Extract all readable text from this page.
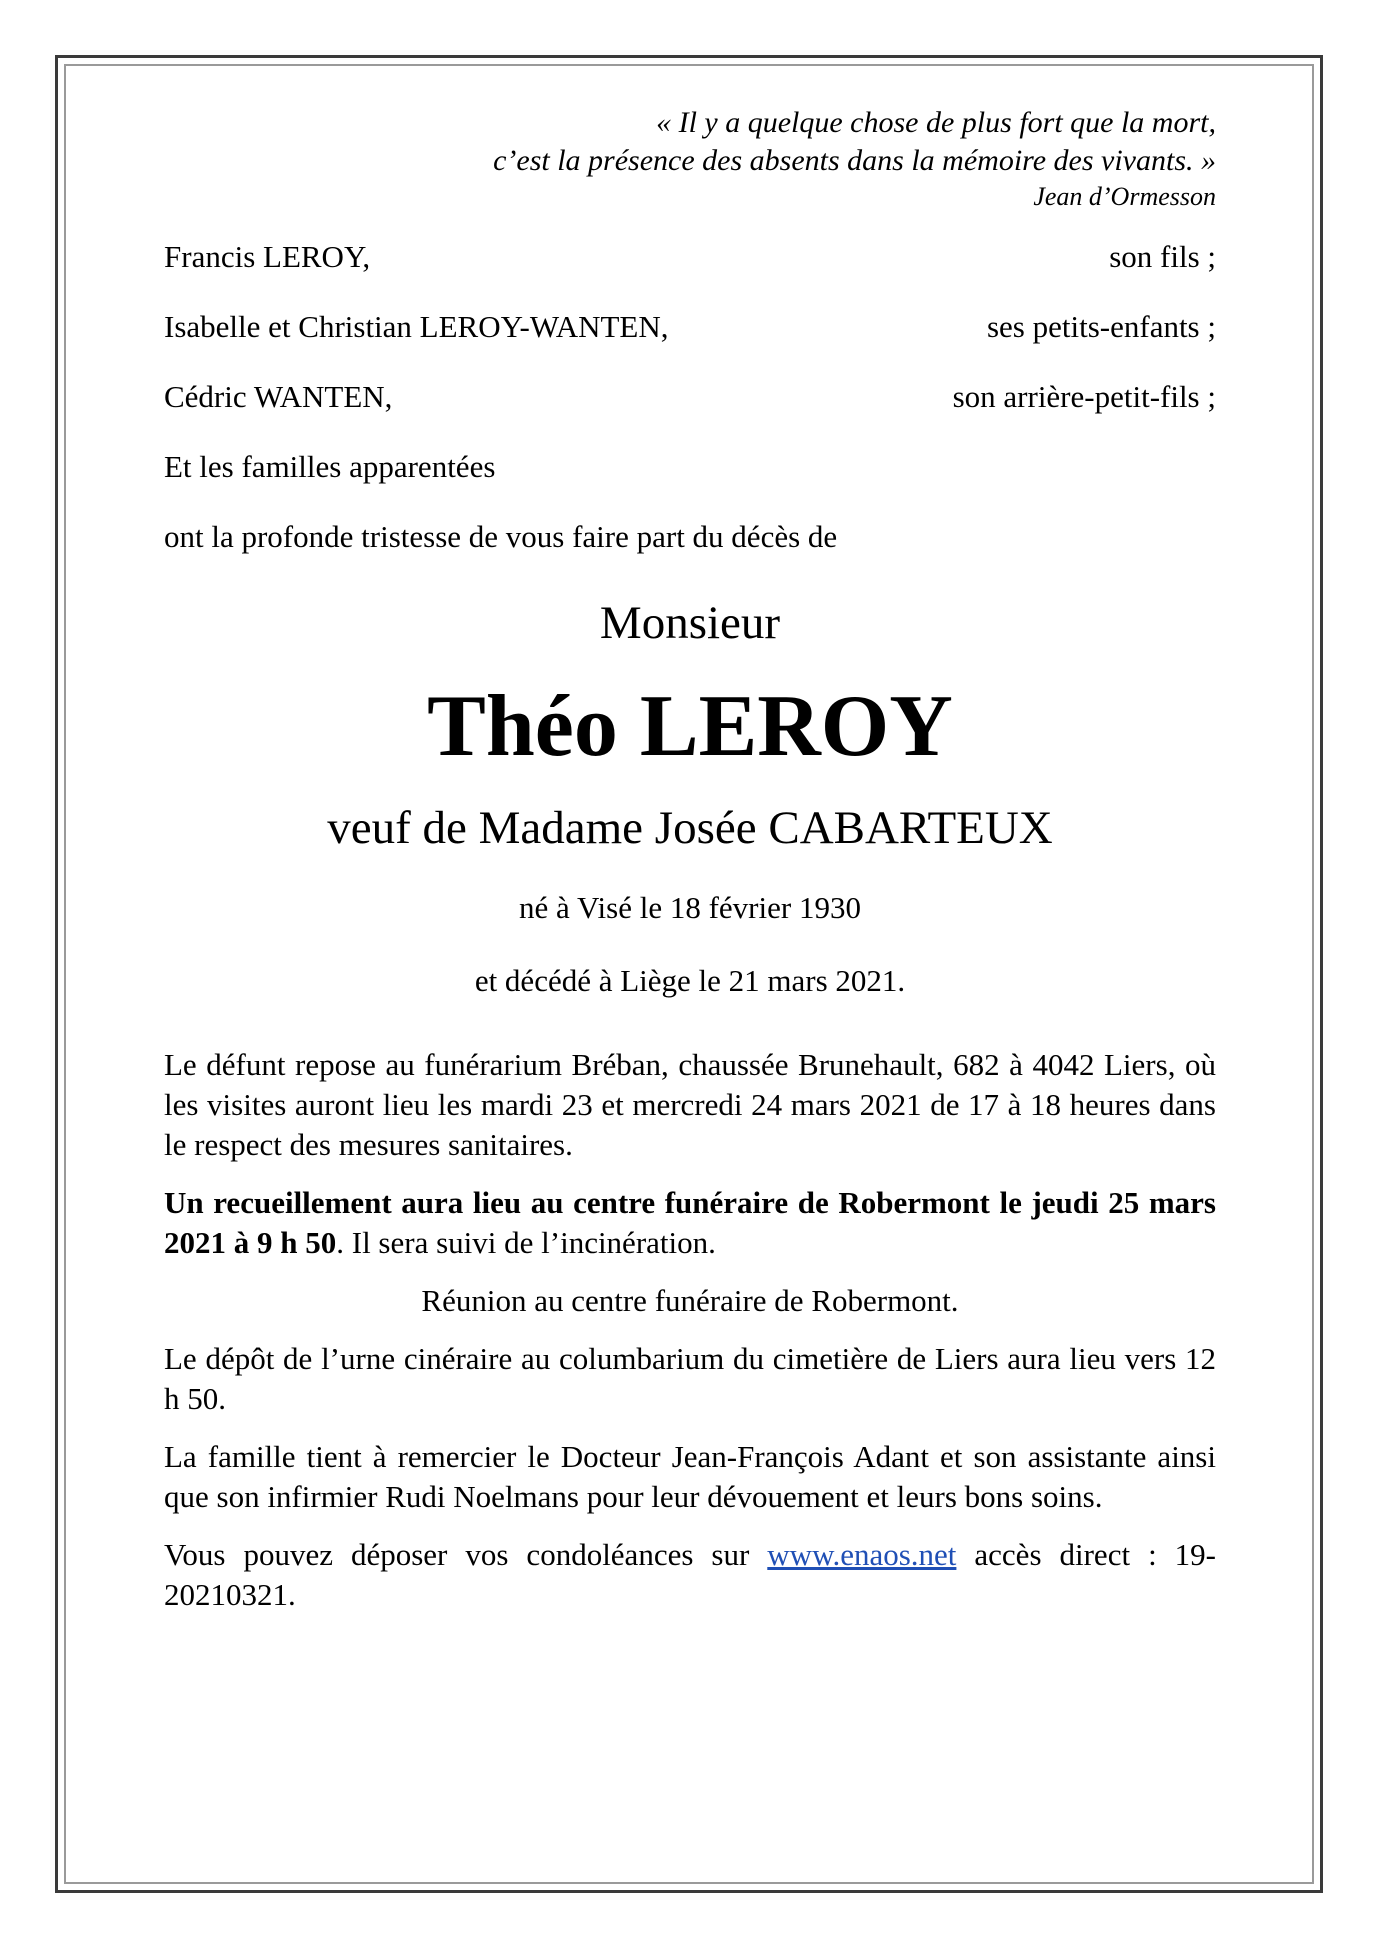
« Il y a quelque chose de plus fort que la mort,
c’est la présence des absents dans la mémoire des vivants. »
Jean d’Ormesson
Francis LEROY,	son fils ;
Isabelle et Christian LEROY-WANTEN,	ses petits-enfants ;
Cédric WANTEN,	son arrière-petit-fils ;
Et les familles apparentées
ont la profonde tristesse de vous faire part du décès de
Monsieur
Théo LEROY
veuf de Madame Josée CABARTEUX
né à Visé le 18 février 1930
et décédé à Liège le 21 mars 2021.
Le défunt repose au funérarium Bréban, chaussée Brunehault, 682 à 4042 Liers, où les visites auront lieu les mardi 23 et mercredi 24 mars 2021 de 17 à 18 heures dans le respect des mesures sanitaires.
Un recueillement aura lieu au centre funéraire de Robermont le jeudi 25 mars 2021 à 9 h 50. Il sera suivi de l’incinération.
Réunion au centre funéraire de Robermont.
Le dépôt de l’urne cinéraire au columbarium du cimetière de Liers aura lieu vers 12 h 50.
La famille tient à remercier le Docteur Jean-François Adant et son assistante ainsi que son infirmier Rudi Noelmans pour leur dévouement et leurs bons soins.
Vous pouvez déposer vos condoléances sur www.enaos.net accès direct : 19-20210321.
